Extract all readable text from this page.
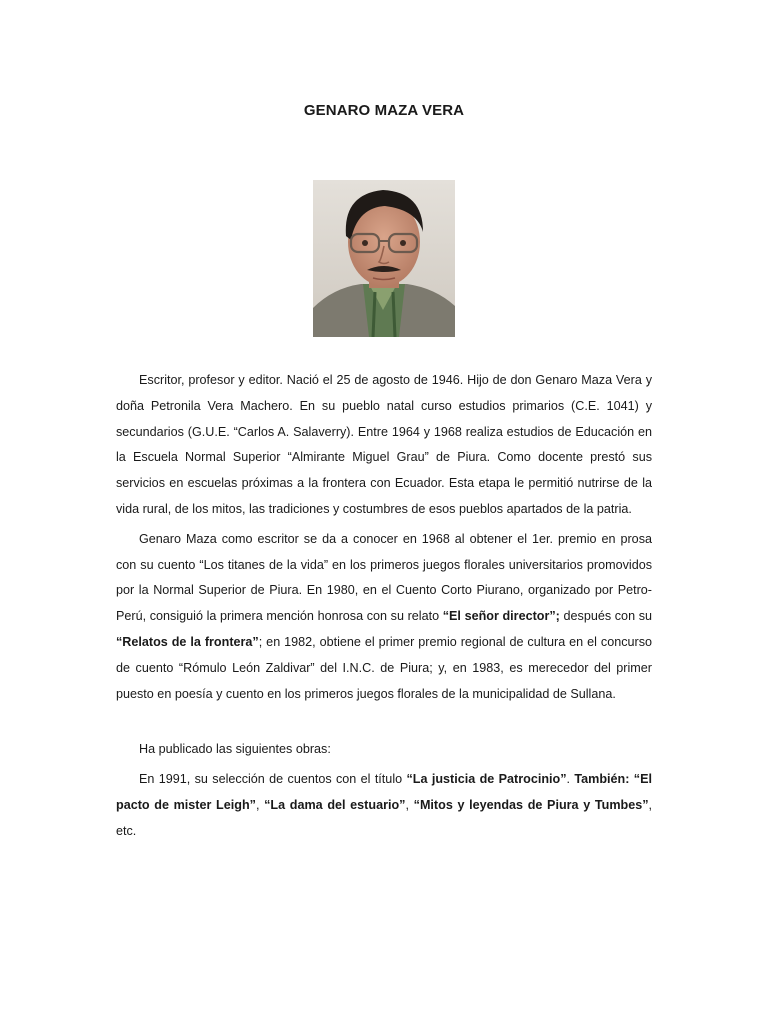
GENARO MAZA VERA

Escritor, profesor y editor. Nació el 25 de agosto de 1946. Hijo de don Genaro Maza Vera y doña Petronila Vera Machero. En su pueblo natal curso estudios primarios (C.E. 1041) y secundarios (G.U.E. “Carlos A. Salaverry). Entre 1964 y 1968 realiza estudios de Educación en la Escuela Normal Superior “Almirante Miguel Grau” de Piura. Como docente prestó sus servicios en escuelas próximas a la frontera con Ecuador. Esta etapa le permitió nutrirse de la vida rural, de los mitos, las tradiciones y costumbres de esos pueblos apartados de la patria.

Genaro Maza como escritor se da a conocer en 1968 al obtener el 1er. premio en prosa con su cuento “Los titanes de la vida” en los primeros juegos florales universitarios promovidos por la Normal Superior de Piura. En 1980, en el Cuento Corto Piurano, organizado por Petro-Perú, consiguió la primera mención honrosa con su relato “El señor director”; después con su “Relatos de la frontera”; en 1982, obtiene el primer premio regional de cultura en el concurso de cuento “Rómulo León Zaldivar” del I.N.C. de Piura; y, en 1983, es merecedor del primer puesto en poesía y cuento en los primeros juegos florales de la municipalidad de Sullana.

Ha publicado las siguientes obras:

En 1991, su selección de cuentos con el título “La justicia de Patrocinio”. También: “El pacto de mister Leigh”, “La dama del estuario”, “Mitos y leyendas de Piura y Tumbes”, etc.
